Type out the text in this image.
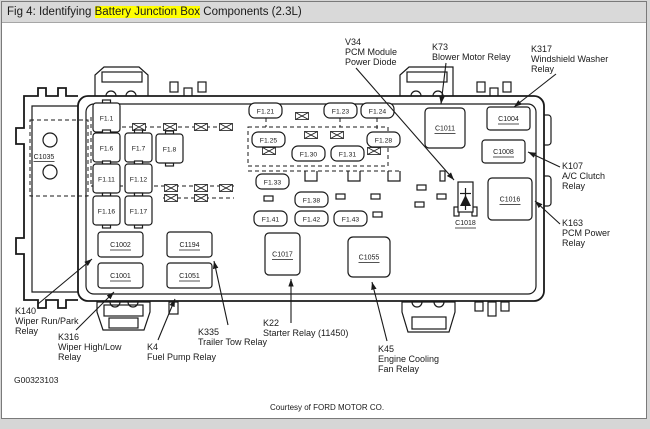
C1035
F1.1
F1.6	F1.7	F1.8
F1.11 F1.12
F1.16 F1.17
F1.21	F1.23	F1.24
F1.25	F1.28
F1.30	F1.31
F1.33
F1.38
F1.41	F1.42	F1.43
C1002	C1194
C1001	C1051
C1017	C1055
C1011
C1004
C1008
C1016
C1018
V34
PCM Module
Power Diode
K73
Blower Motor Relay
K317
Windshield Washer
Relay
K107
A/C Clutch
Relay
K163
PCM Power
Relay
K140
Wiper Run/Park
Relay
K316
Wiper High/Low
Relay
K4
Fuel Pump Relay
K335
Trailer Tow Relay
K22
Starter Relay (11450)
K45
Engine Cooling
Fan Relay
G00323103
Courtesy of FORD MOTOR CO.
Fig 4: Identifying Battery Junction Box Components (2.3L)
